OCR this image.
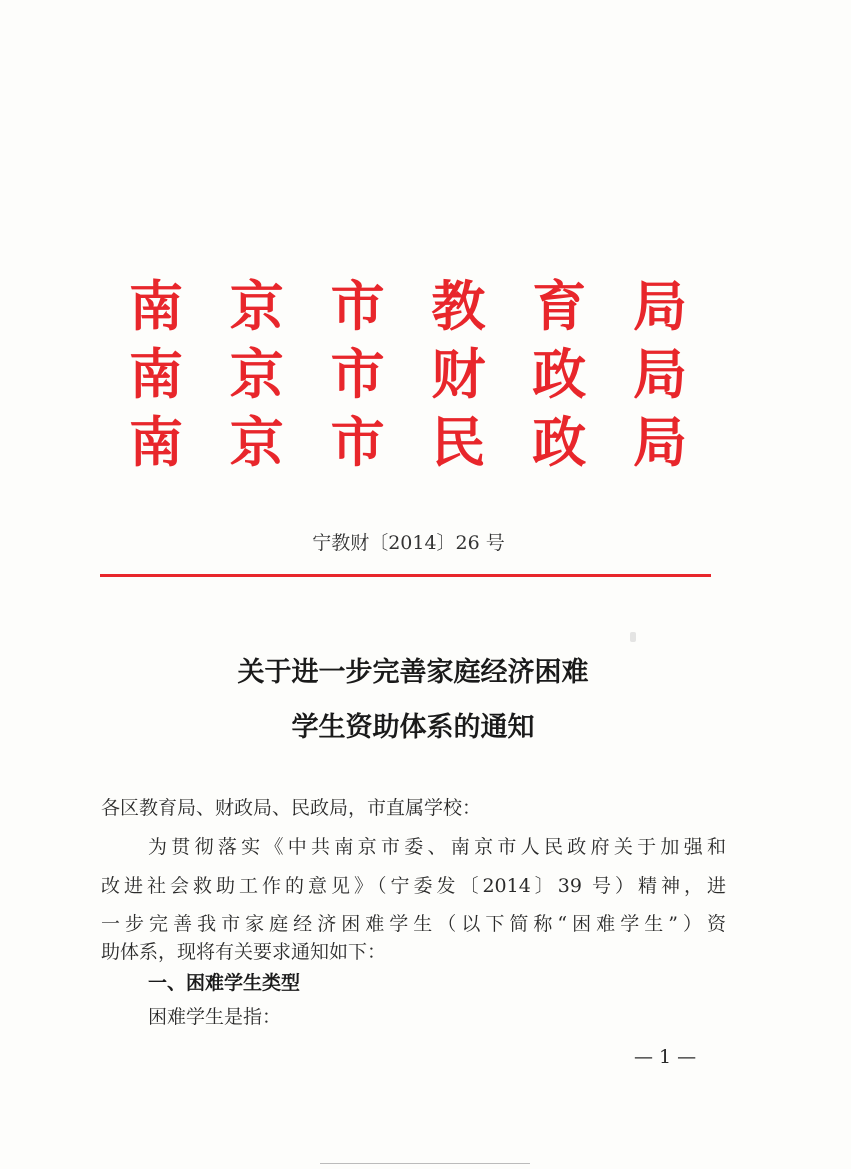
南 京 市 教 育 局
南 京 市 财 政 局
南 京 市 民 政 局
宁教财〔2014〕26 号
关于进一步完善家庭经济困难
学生资助体系的通知
各区教育局、财政局、民政局，市直属学校：
为贯彻落实《中共南京市委、南京市人民政府关于加强和
改进社会救助工作的意见》（宁委发〔2014〕39 号）精神，进
一步完善我市家庭经济困难学生（以下简称“困难学生”）资
助体系，现将有关要求通知如下：
一、困难学生类型
困难学生是指：
— 1 —
